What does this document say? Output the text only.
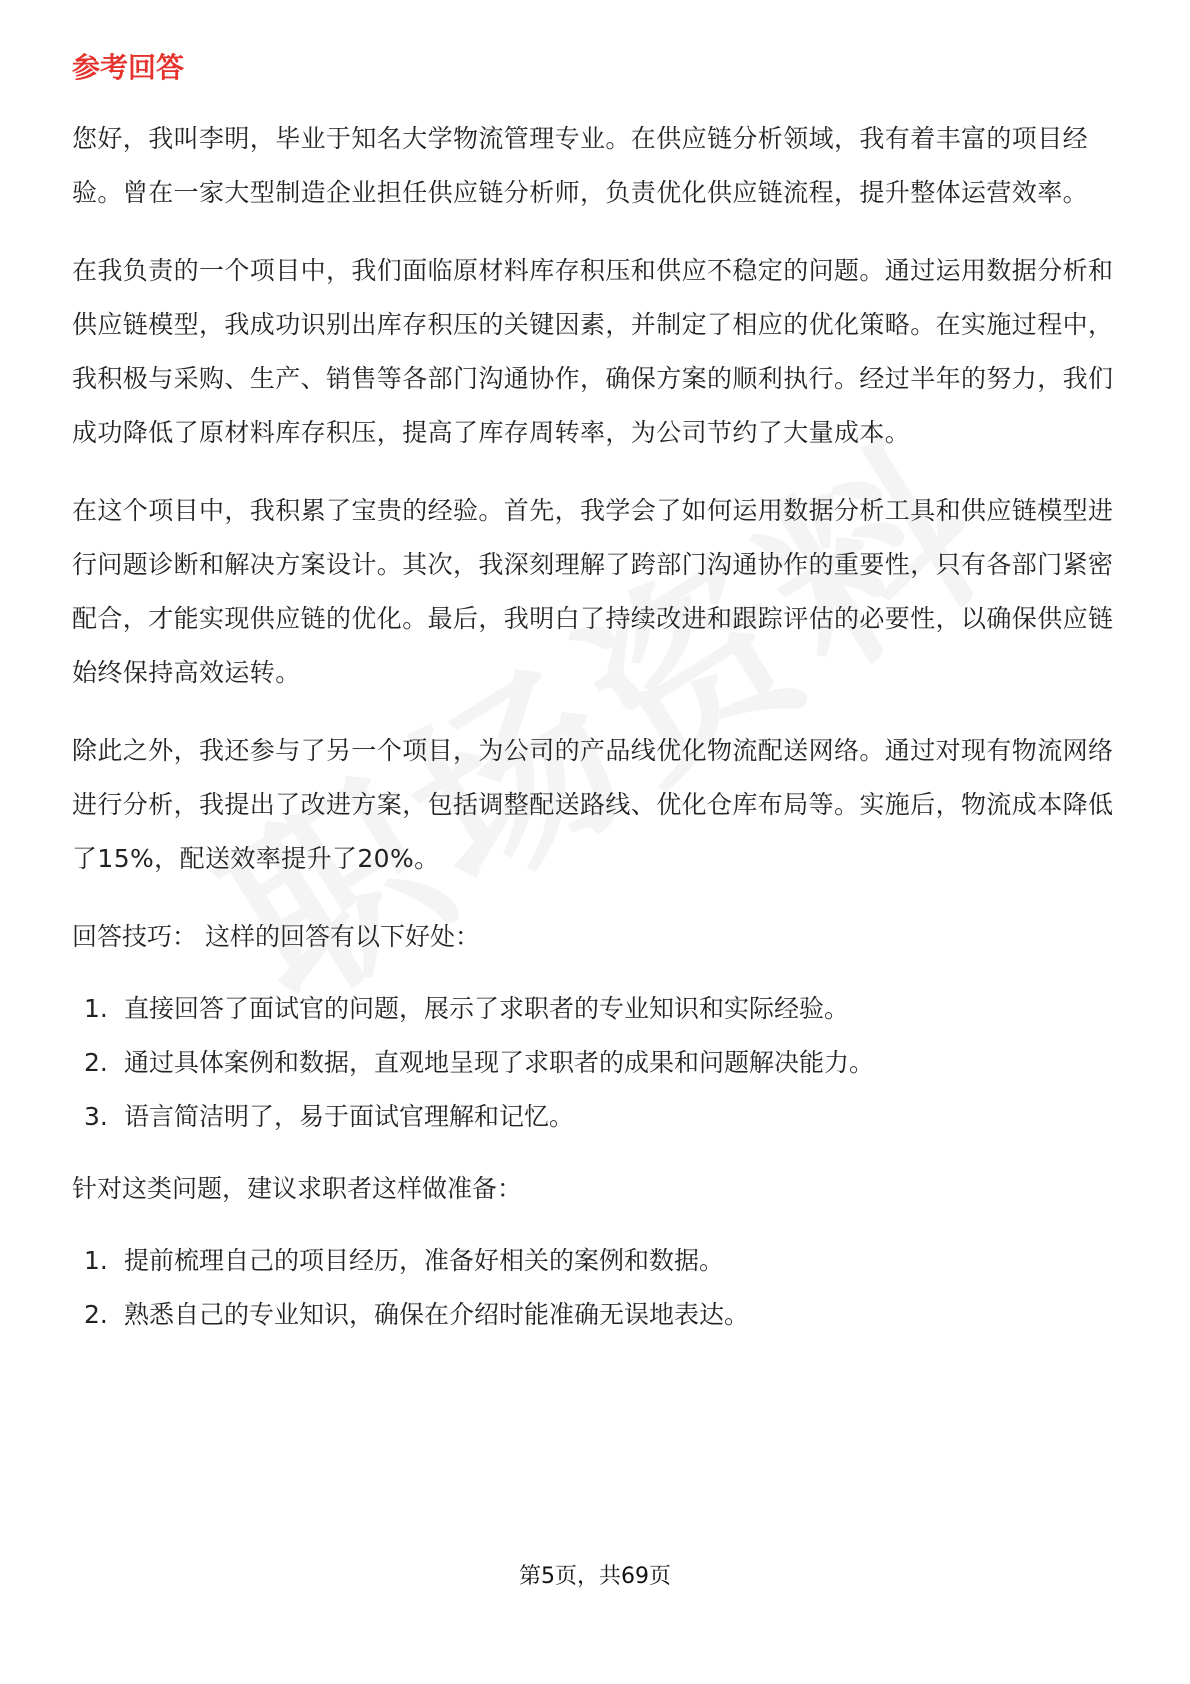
参考回答

您好，我叫李明，毕业于知名大学物流管理专业。在供应链分析领域，我有着丰富的项目经验。曾在一家大型制造企业担任供应链分析师，负责优化供应链流程，提升整体运营效率。

在我负责的一个项目中，我们面临原材料库存积压和供应不稳定的问题。通过运用数据分析和供应链模型，我成功识别出库存积压的关键因素，并制定了相应的优化策略。在实施过程中，我积极与采购、生产、销售等各部门沟通协作，确保方案的顺利执行。经过半年的努力，我们成功降低了原材料库存积压，提高了库存周转率，为公司节约了大量成本。

在这个项目中，我积累了宝贵的经验。首先，我学会了如何运用数据分析工具和供应链模型进行问题诊断和解决方案设计。其次，我深刻理解了跨部门沟通协作的重要性，只有各部门紧密配合，才能实现供应链的优化。最后，我明白了持续改进和跟踪评估的必要性，以确保供应链始终保持高效运转。

除此之外，我还参与了另一个项目，为公司的产品线优化物流配送网络。通过对现有物流网络进行分析，我提出了改进方案，包括调整配送路线、优化仓库布局等。实施后，物流成本降低了15%，配送效率提升了20%。

回答技巧： 这样的回答有以下好处：
1. 直接回答了面试官的问题，展示了求职者的专业知识和实际经验。
2. 通过具体案例和数据，直观地呈现了求职者的成果和问题解决能力。
3. 语言简洁明了，易于面试官理解和记忆。
针对这类问题，建议求职者这样做准备：
1. 提前梳理自己的项目经历，准备好相关的案例和数据。
2. 熟悉自己的专业知识，确保在介绍时能准确无误地表达。
第5页，共69页
